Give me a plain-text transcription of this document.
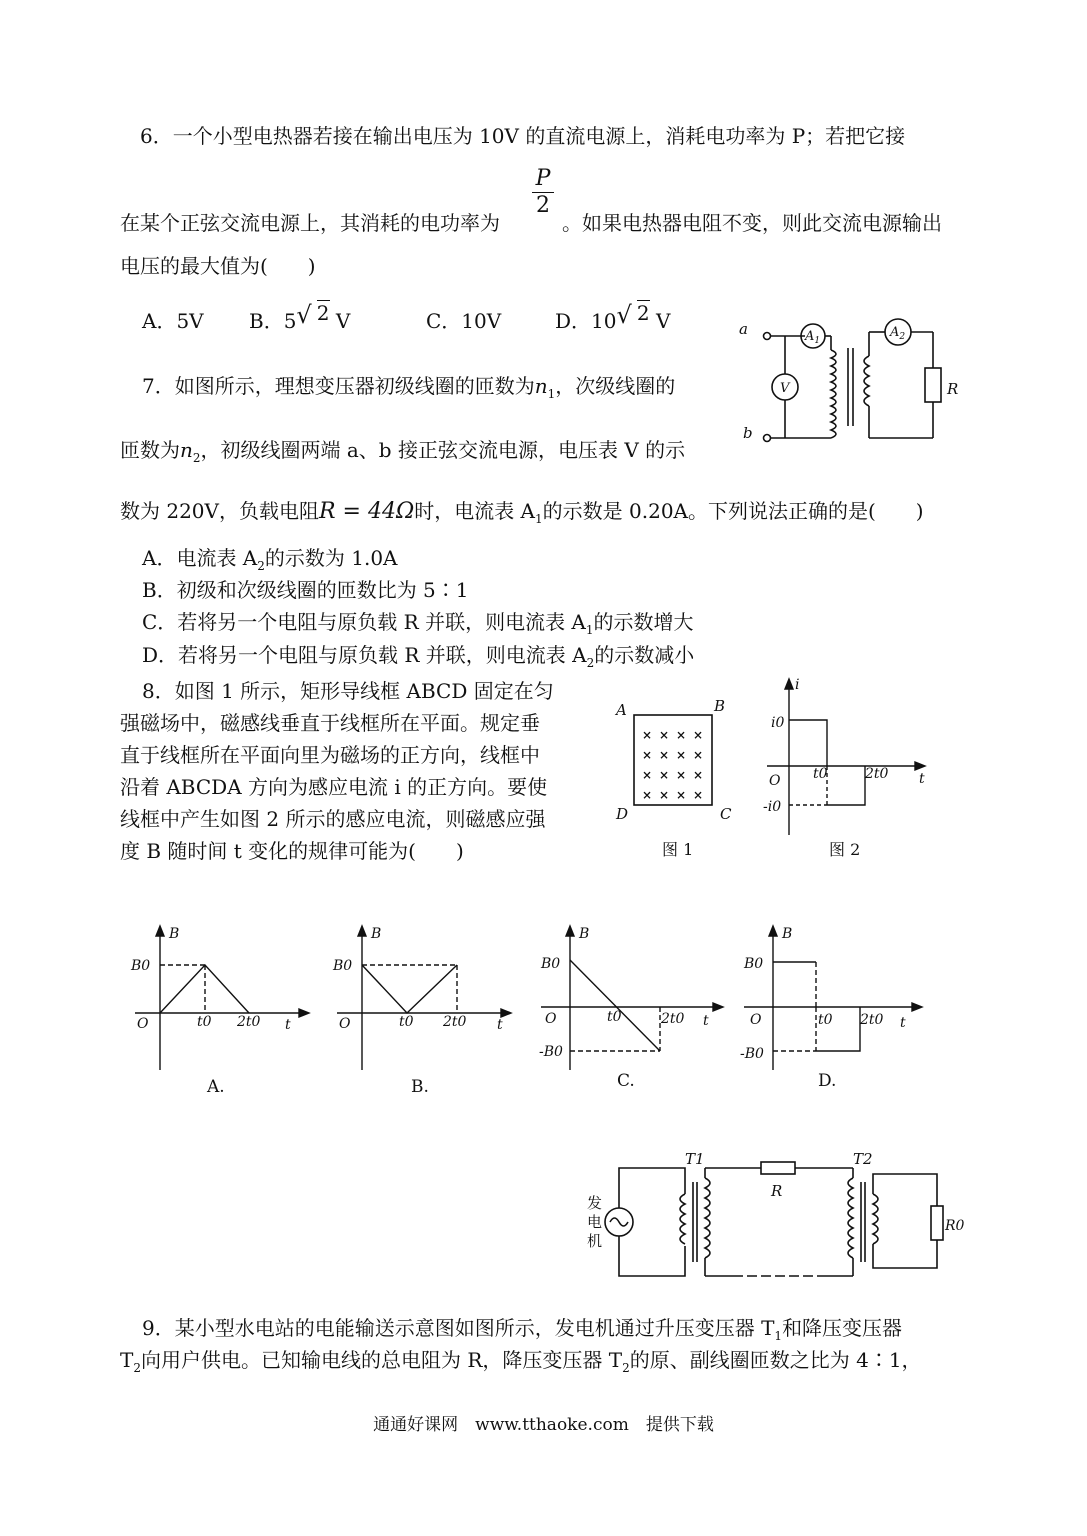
6．一个小型电热器若接在输出电压为 10V 的直流电源上，消耗电功率为 P；若把它接
P
2
在某个正弦交流电源上，其消耗的电功率为	。如果电热器电阻不变，则此交流电源输出
电压的最大值为(　　)
A．5V B．5 √ 2 V	C．10V	D．10 √ 2 V
7．如图所示，理想变压器初级线圈的匝数为$n_1$，次级线圈的
匝数为$n_2$，初级线圈两端 a、b 接正弦交流电源，电压表 V 的示
数为 220V，负载电阻R = 44Ω时，电流表 $A_1$的示数是 0.20A。下列说法正确的是(　　)
A．电流表 $A_2$的示数为 1.0A
B．初级和次级线圈的匝数比为 5∶1
C．若将另一个电阻与原负载 R 并联，则电流表 $A_1$的示数增大
D．若将另一个电阻与原负载 R 并联，则电流表 $A_2$的示数减小
a
b
$A_1$
$A_2$
V	R
8．如图 1 所示，矩形导线框 ABCD 固定在匀
强磁场中，磁感线垂直于线框所在平面。规定垂
直于线框所在平面向里为磁场的正方向，线框中
沿着 ABCDA 方向为感应电流 i 的正方向。要使
线框中产生如图 2 所示的感应电流，则磁感应强
度 B 随时间 t 变化的规律可能为(　　)
× × × ×
× × × ×
× × × ×
× × × ×
A	B
C
D
图 1
i
i0
-i0
O t0	2t0 t
图 2
B
B0
O	t0 2t0 t
A.
B
B0
O	t0 2t0 t
B.
B
B0
-B0
O	t0	2t0 t
C.
B
B0
-B0
O	t0 2t0 t
D.
发
电
机
T1	T2
R
R0
9．某小型水电站的电能输送示意图如图所示，发电机通过升压变压器 $T_1$和降压变压器
$T_2$向用户供电。已知输电线的总电阻为 R，降压变压器 $T_2$的原、副线圈匝数之比为 4∶1，
通通好课网　www.tthaoke.com　提供下载
